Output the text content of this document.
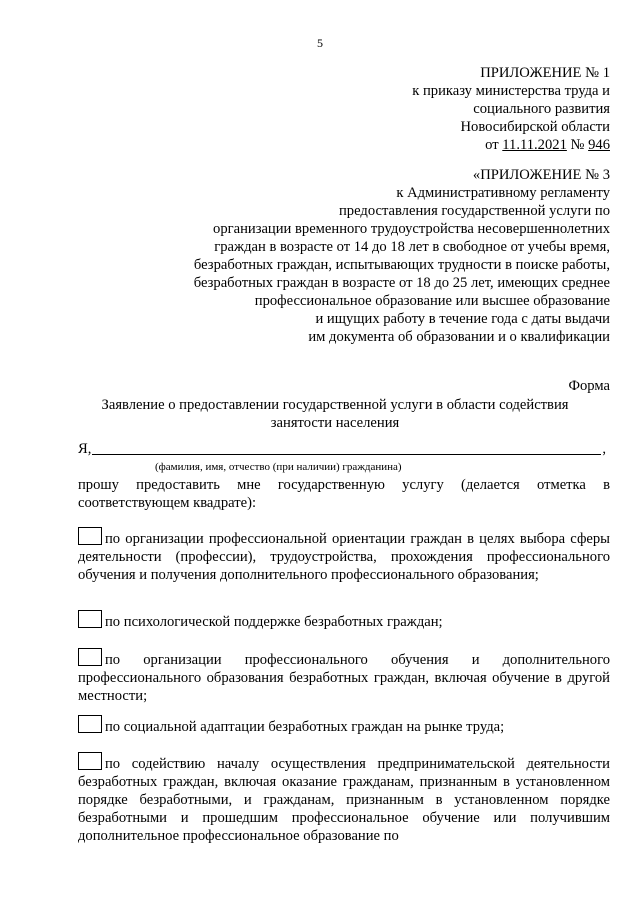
5
ПРИЛОЖЕНИЕ № 1
к приказу министерства труда и
социального развития
Новосибирской области
от 11.11.2021 № 946
«ПРИЛОЖЕНИЕ № 3
к Административному регламенту
предоставления государственной услуги по
организации временного трудоустройства несовершеннолетних
граждан в возрасте от 14 до 18 лет в свободное от учебы время,
безработных граждан, испытывающих трудности в поиске работы,
безработных граждан в возрасте от 18 до 25 лет, имеющих среднее
профессиональное образование или высшее образование
и ищущих работу в течение года с даты выдачи
им документа об образовании и о квалификации
Форма
Заявление о предоставлении государственной услуги в области содействия занятости населения
Я,	,
(фамилия, имя, отчество (при наличии) гражданина)
прошу предоставить мне государственную услугу (делается отметка в соответствующем квадрате):
по организации профессиональной ориентации граждан в целях выбора сферы деятельности (профессии), трудоустройства, прохождения профессионального обучения и получения дополнительного профессионального образования;
по психологической поддержке безработных граждан;
по организации профессионального обучения и дополнительного профессионального образования безработных граждан, включая обучение в другой местности;
по социальной адаптации безработных граждан на рынке труда;
по содействию началу осуществления предпринимательской деятельности безработных граждан, включая оказание гражданам, признанным в установленном порядке безработными, и гражданам, признанным в установленном порядке безработными и прошедшим профессиональное обучение или получившим дополнительное профессиональное образование по
